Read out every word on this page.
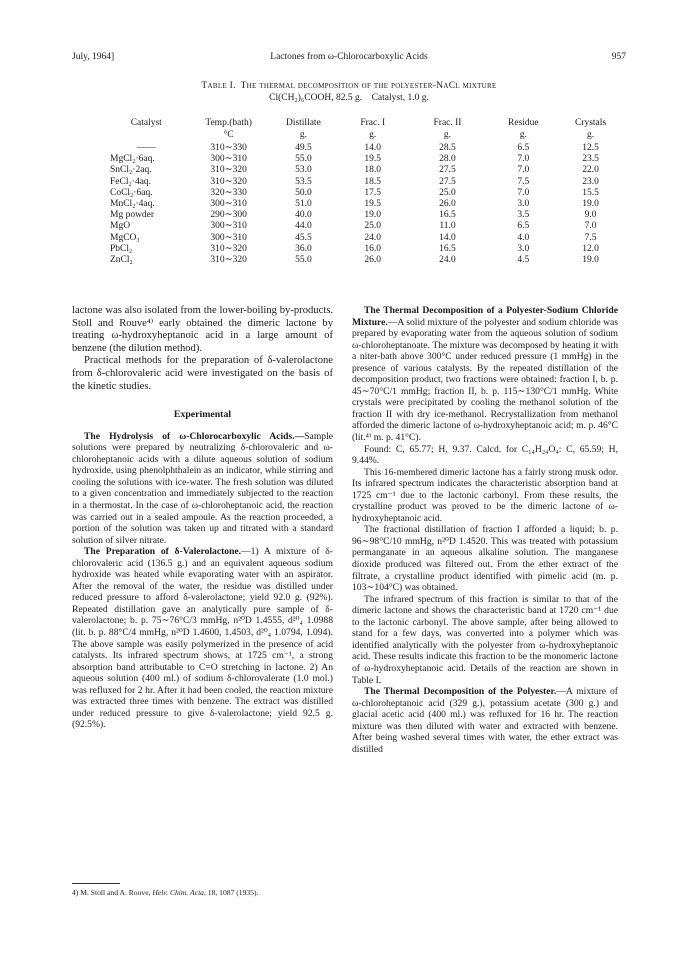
July, 1964]	Lactones from ω-Chlorocarboxylic Acids	957
Table I. The thermal decomposition of the polyester-NaCl mixture
Cl(CH₂)₆COOH, 82.5 g.    Catalyst, 1.0 g.
Catalyst	Temp.(bath)	Distillate	Frac. I	Frac. II	Residue	Crystals
	°C	g.	g.	g.	g.	g.
——	310∼330	49.5	14.0	28.5	6.5	12.5
MgCl₂·6aq.	300∼310	55.0	19.5	28.0	7.0	23.5
SnCl₂·2aq.	310∼320	53.0	18.0	27.5	7.0	22.0
FeCl₂·4aq.	310∼320	53.5	18.5	27.5	7.5	23.0
CoCl₂·6aq.	320∼330	50.0	17.5	25.0	7.0	15.5
MnCl₂·4aq.	300∼310	51.0	19.5	26.0	3.0	19.0
Mg powder	290∼300	40.0	19.0	16.5	3.5	9.0
MgO	300∼310	44.0	25.0	11.0	6.5	7.0
MgCO₃	300∼310	45.5	24.0	14.0	4.0	7.5
PbCl₂	310∼320	36.0	16.0	16.5	3.0	12.0
ZnCl₂	310∼320	55.0	26.0	24.0	4.5	19.0

lactone was also isolated from the lower-boiling by-products. Stoll and Rouve⁴⁾ early obtained the dimeric lactone by treating ω-hydroxyheptanoic acid in a large amount of benzene (the dilution method).

Practical methods for the preparation of δ-valerolactone from δ-chlorovaleric acid were investigated on the basis of the kinetic studies.

Experimental

The Hydrolysis of ω-Chlorocarboxylic Acids.—Sample solutions were prepared by neutralizing δ-chlorovaleric and ω-chloroheptanoic acids with a dilute aqueous solution of sodium hydroxide, using phenolphthalein as an indicator, while stirring and cooling the solutions with ice-water. The fresh solution was diluted to a given concentration and immediately subjected to the reaction in a thermostat. In the case of ω-chloroheptanoic acid, the reaction was carried out in a sealed ampoule. As the reaction proceeded, a portion of the solution was taken up and titrated with a standard solution of silver nitrate.

The Preparation of δ-Valerolactone.—1) A mixture of δ-chlorovaleric acid (136.5 g.) and an equivalent aqueous sodium hydroxide was heated while evaporating water with an aspirator. After the removal of the water, the residue was distilled under reduced pressure to afford δ-valerolactone; yield 92.0 g. (92%). Repeated distillation gave an analytically pure sample of δ-valerolactone; b. p. 75∼76°C/3 mmHg, n²⁰D 1.4555, d²⁰₄ 1.0988 (lit. b. p. 88°C/4 mmHg, n²⁰D 1.4600, 1.4503, d²⁰₄ 1.0794, 1.094). The above sample was easily polymerized in the presence of acid catalysts. Its infrared spectrum shows, at 1725 cm⁻¹, a strong absorption band attributable to C=O stretching in lactone. 2) An aqueous solution (400 ml.) of sodium δ-chlorovalerate (1.0 mol.) was refluxed for 2 hr. After it had been cooled, the reaction mixture was extracted three times with benzene. The extract was distilled under reduced pressure to give δ-valerolactone; yield 92.5 g. (92.5%).

The Thermal Decomposition of a Polyester-Sodium Chloride Mixture.—A solid mixture of the polyester and sodium chloride was prepared by evaporating water from the aqueous solution of sodium ω-chloroheptanoate. The mixture was decomposed by heating it with a niter-bath above 300°C under reduced pressure (1 mmHg) in the presence of various catalysts. By the repeated distillation of the decomposition product, two fractions were obtained: fraction I, b. p. 45∼70°C/1 mmHg; fraction II, b. p. 115∼130°C/1 mmHg. White crystals were precipitated by cooling the methanol solution of the fraction II with dry ice-methanol. Recrystallization from methanol afforded the dimeric lactone of ω-hydroxyheptanoic acid; m. p. 46°C (lit.⁴⁾ m. p. 41°C).

Found: C, 65.77; H, 9.37. Calcd. for C₁₄H₂₄O₄: C, 65.59; H, 9.44%.

This 16-membered dimeric lactone has a fairly strong musk odor. Its infrared spectrum indicates the characteristic absorption band at 1725 cm⁻¹ due to the lactonic carbonyl. From these results, the crystalline product was proved to be the dimeric lactone of ω-hydroxyheptanoic acid.

The fractional distillation of fraction I afforded a liquid; b. p. 96∼98°C/10 mmHg, n²⁰D 1.4520. This was treated with potassium permanganate in an aqueous alkaline solution. The manganese dioxide produced was filtered out. From the ether extract of the filtrate, a crystalline product identified with pimelic acid (m. p. 103∼104°C) was obtained.

The infrared spectrum of this fraction is similar to that of the dimeric lactone and shows the characteristic band at 1720 cm⁻¹ due to the lactonic carbonyl. The above sample, after being allowed to stand for a few days, was converted into a polymer which was identified analytically with the polyester from ω-hydroxyheptanoic acid. These results indicate this fraction to be the monomeric lactone of ω-hydroxyheptanoic acid. Details of the reaction are shown in Table I.

The Thermal Decomposition of the Polyester.—A mixture of ω-chloroheptanoic acid (329 g.), potassium acetate (300 g.) and glacial acetic acid (400 ml.) was refluxed for 16 hr. The reaction mixture was then diluted with water and extracted with benzene. After being washed several times with water, the ether extract was distilled

4) M. Stoll and A. Rouve, Helv. Chim. Acta, 18, 1087 (1935).
